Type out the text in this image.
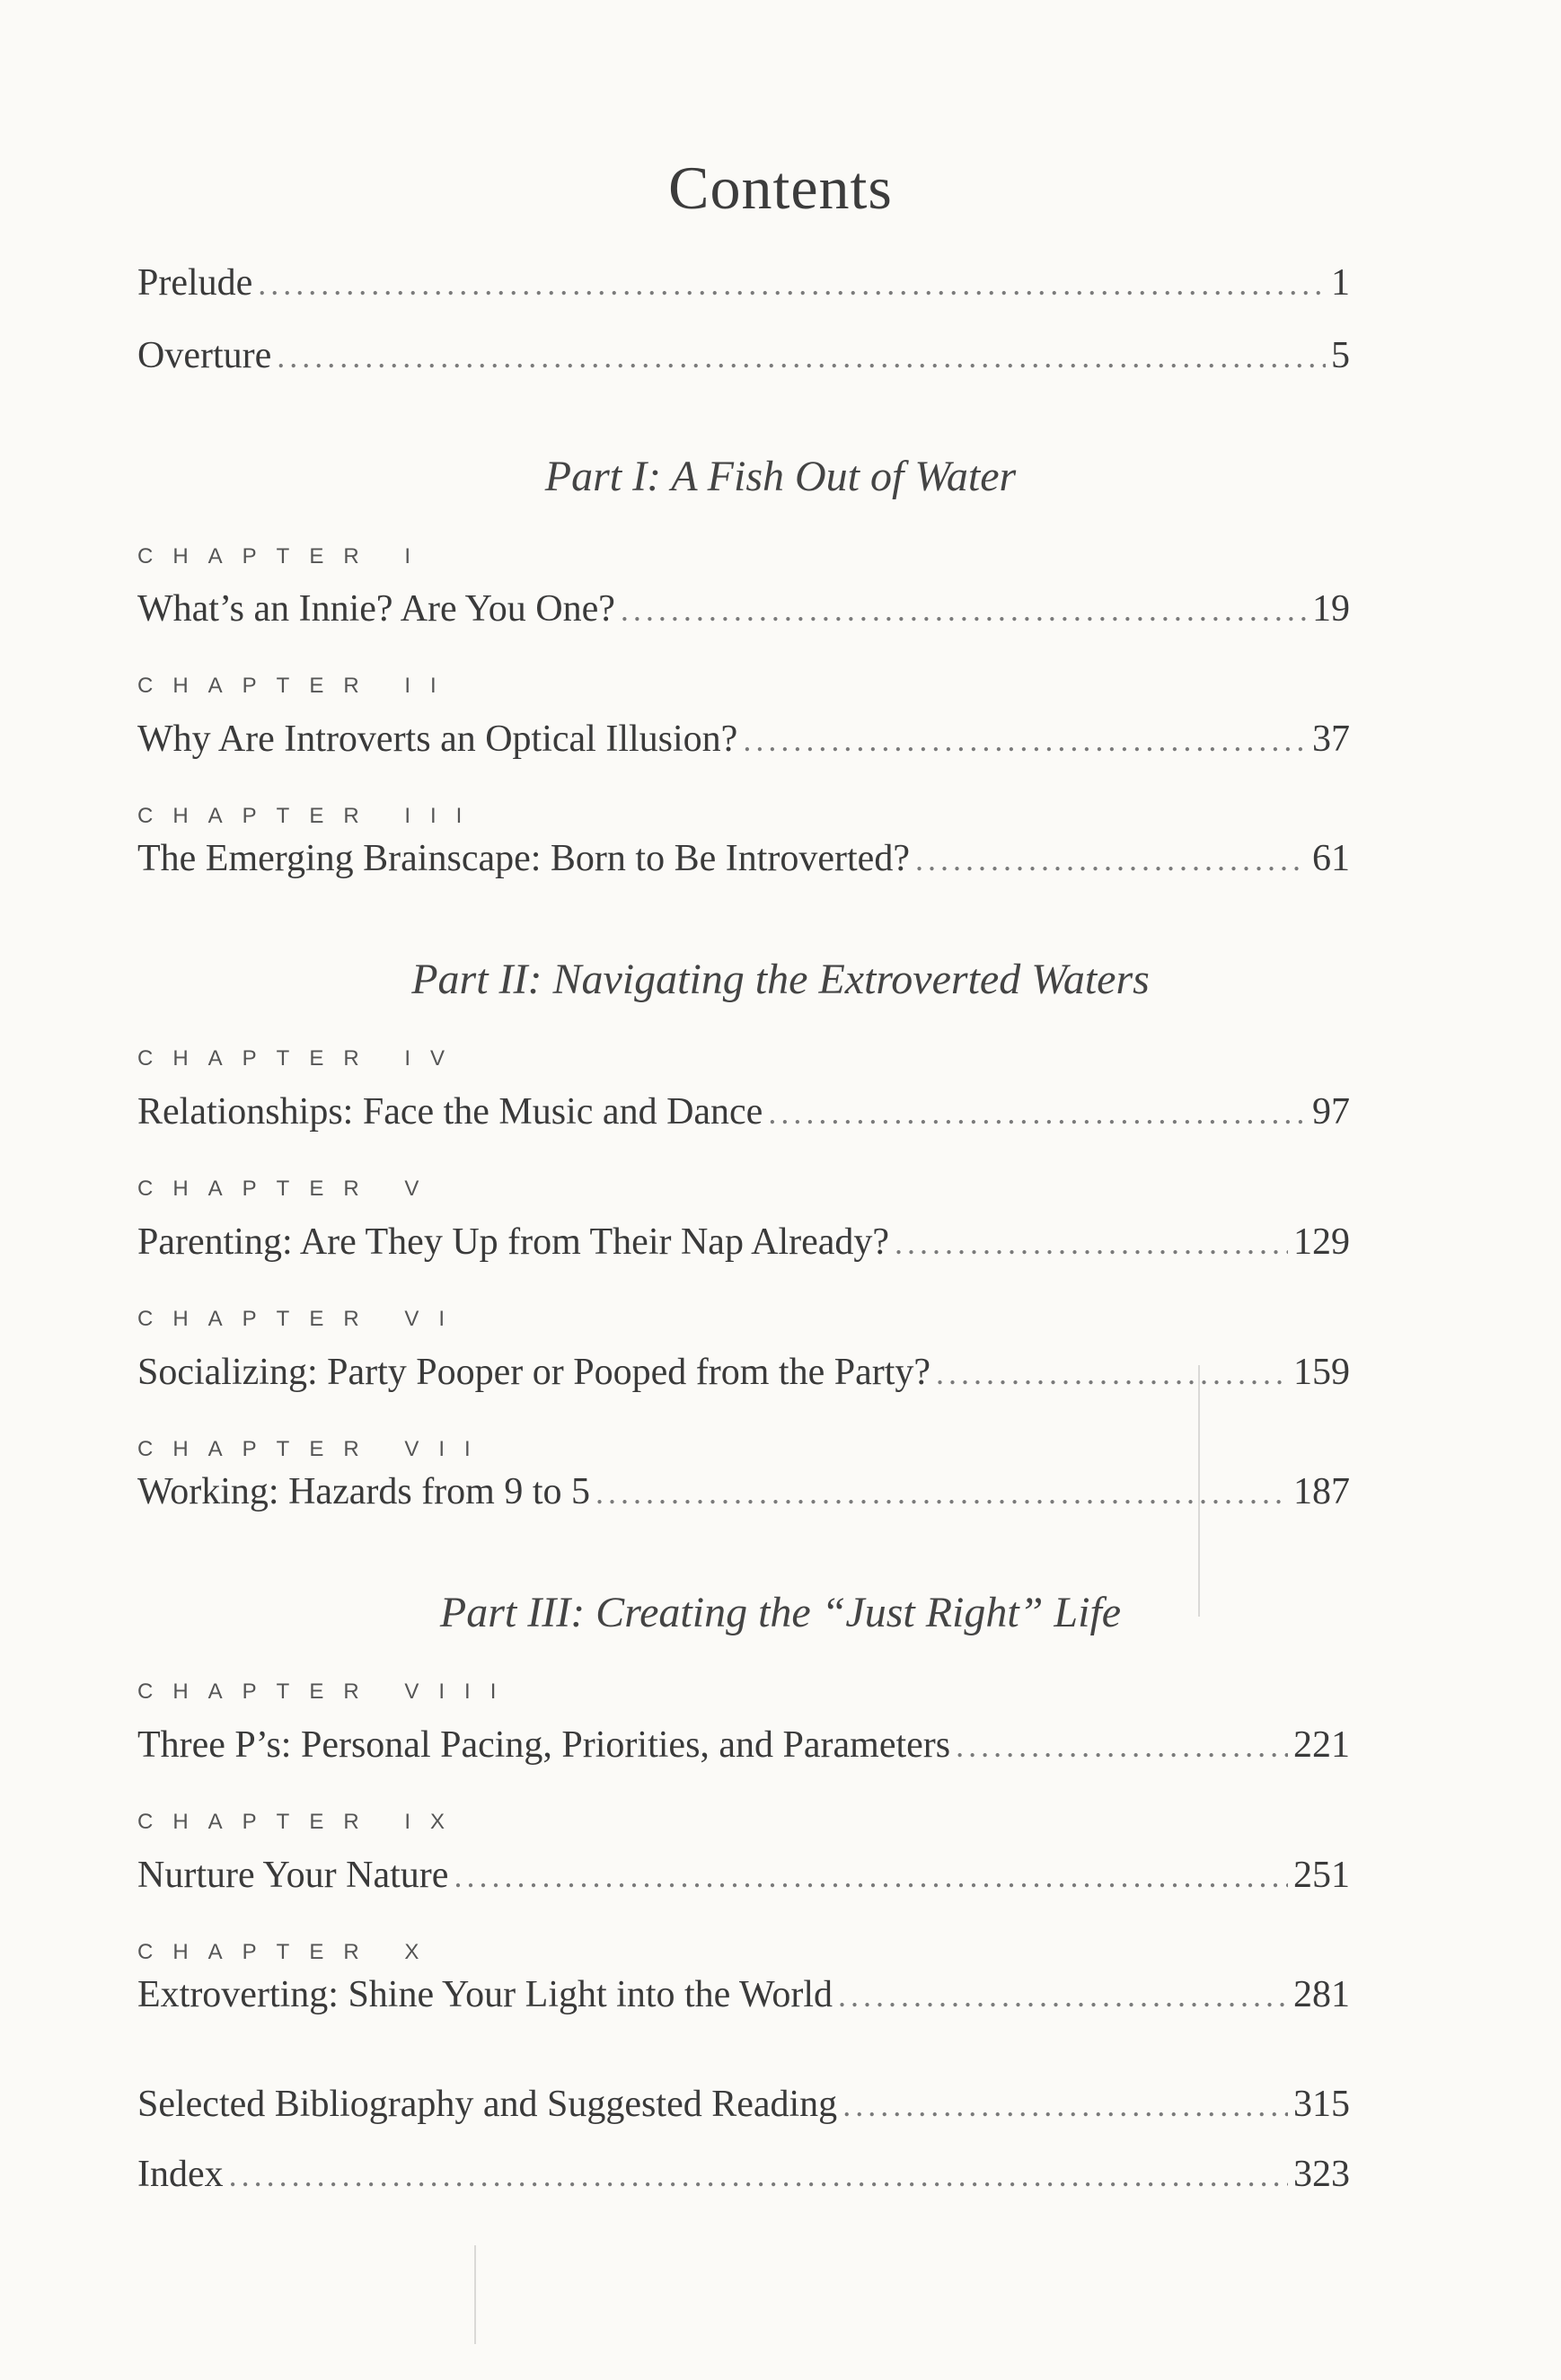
Contents
Prelude . . .	1
Overture . . .	5
Part I: A Fish Out of Water
CHAPTER I
What’s an Innie? Are You One? . . .	19
CHAPTER II
Why Are Introverts an Optical Illusion? . . .	37
CHAPTER III
The Emerging Brainscape: Born to Be Introverted? . . .	61
Part II: Navigating the Extroverted Waters
CHAPTER IV
Relationships: Face the Music and Dance . . .	97
CHAPTER V
Parenting: Are They Up from Their Nap Already? . . .	129
CHAPTER VI
Socializing: Party Pooper or Pooped from the Party? . . .	159
CHAPTER VII
Working: Hazards from 9 to 5 . . .	187
Part III: Creating the “Just Right” Life
CHAPTER VIII
Three P’s: Personal Pacing, Priorities, and Parameters . . .	221
CHAPTER IX
Nurture Your Nature . . .	251
CHAPTER X
Extroverting: Shine Your Light into the World . . .	281
Selected Bibliography and Suggested Reading . . .	315
Index . . .	323
